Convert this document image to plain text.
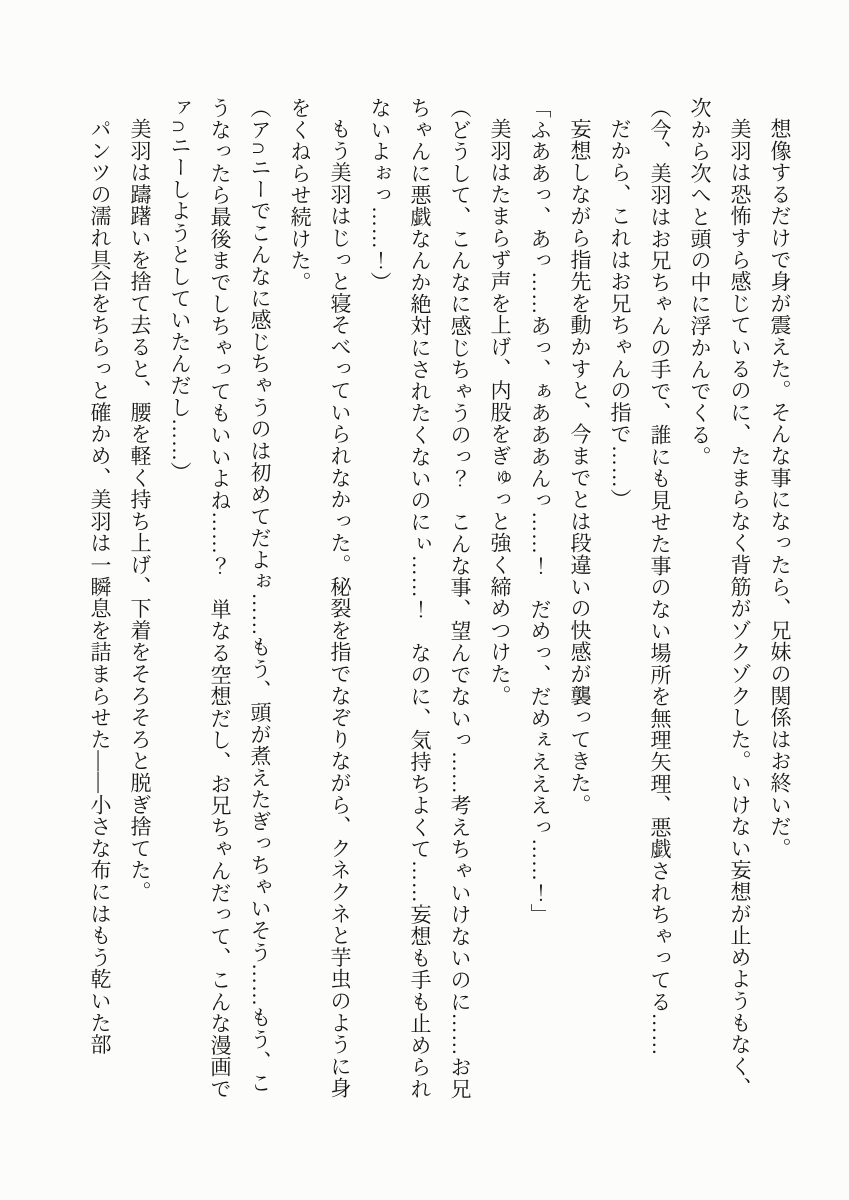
想像するだけで身が震えた。そんな事になったら、兄妹の関係はお終いだ。

美羽は恐怖すら感じているのに、たまらなく背筋がゾクゾクした。いけない妄想が止めようもなく、次から次へと頭の中に浮かんでくる。

（今、美羽はお兄ちゃんの手で、誰にも見せた事のない場所を無理矢理、悪戯されちゃってる……

だから、これはお兄ちゃんの指で……）

妄想しながら指先を動かすと、今までとは段違いの快感が襲ってきた。

「ふああっ、あっ……あっ、ぁあああんっ……！　だめっ、だめぇえええっ……！」

美羽はたまらず声を上げ、内股をぎゅっと強く締めつけた。

（どうして、こんなに感じちゃうのっ？　こんな事、望んでないっ……考えちゃいけないのに……お兄ちゃんに悪戯なんか絶対にされたくないのにぃ……！　なのに、気持ちよくて……妄想も手も止められないよぉっ……！）

もう美羽はじっと寝そべっていられなかった。秘裂を指でなぞりながら、クネクネと芋虫のように身をくねらせ続けた。

（ア∩ニーでこんなに感じちゃうのは初めてだよぉ……もう、頭が煮えたぎっちゃいそう……もう、こうなったら最後までしちゃってもいいよね……？　単なる空想だし、お兄ちゃんだって、こんな漫画でァ∩ニーしようとしていたんだし……）

美羽は躊躇いを捨て去ると、腰を軽く持ち上げ、下着をそろそろと脱ぎ捨てた。

パンツの濡れ具合をちらっと確かめ、美羽は一瞬息を詰まらせた――小さな布にはもう乾いた部
